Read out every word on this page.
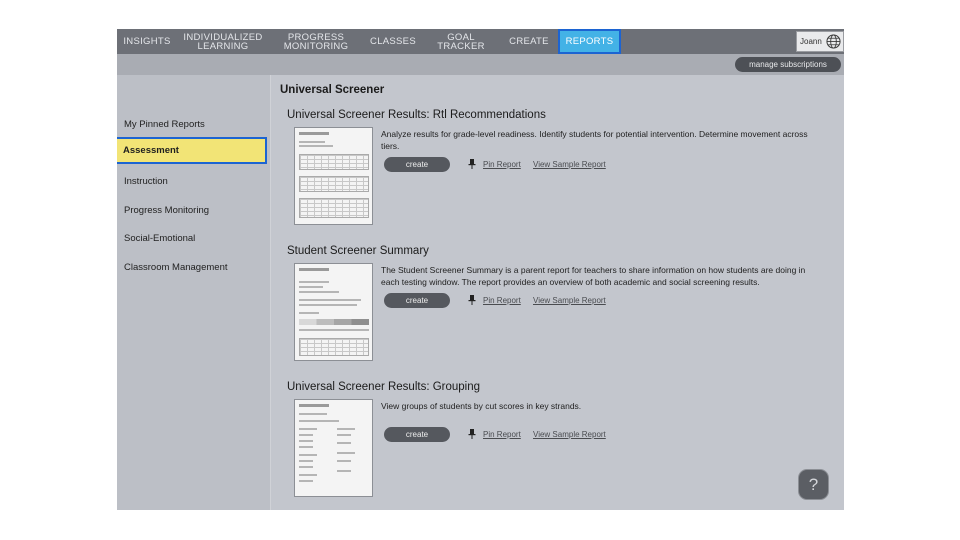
INSIGHTS	INDIVIDUALIZED LEARNING
PROGRESS MONITORING	CLASSES	GOAL TRACKER	CREATE	REPORTS	Joann
manage subscriptions
My Pinned Reports
Assessment
Instruction
Progress Monitoring
Social-Emotional
Classroom Management
Universal Screener
Universal Screener Results: Rtl Recommendations
Analyze results for grade-level readiness. Identify students for potential intervention. Determine movement across tiers.
create	Pin Report View Sample Report
Student Screener Summary
The Student Screener Summary is a parent report for teachers to share information on how students are doing in each testing window. The report provides an overview of both academic and social screening results.
create	Pin Report View Sample Report
Universal Screener Results: Grouping
View groups of students by cut scores in key strands.
create	Pin Report View Sample Report
?
